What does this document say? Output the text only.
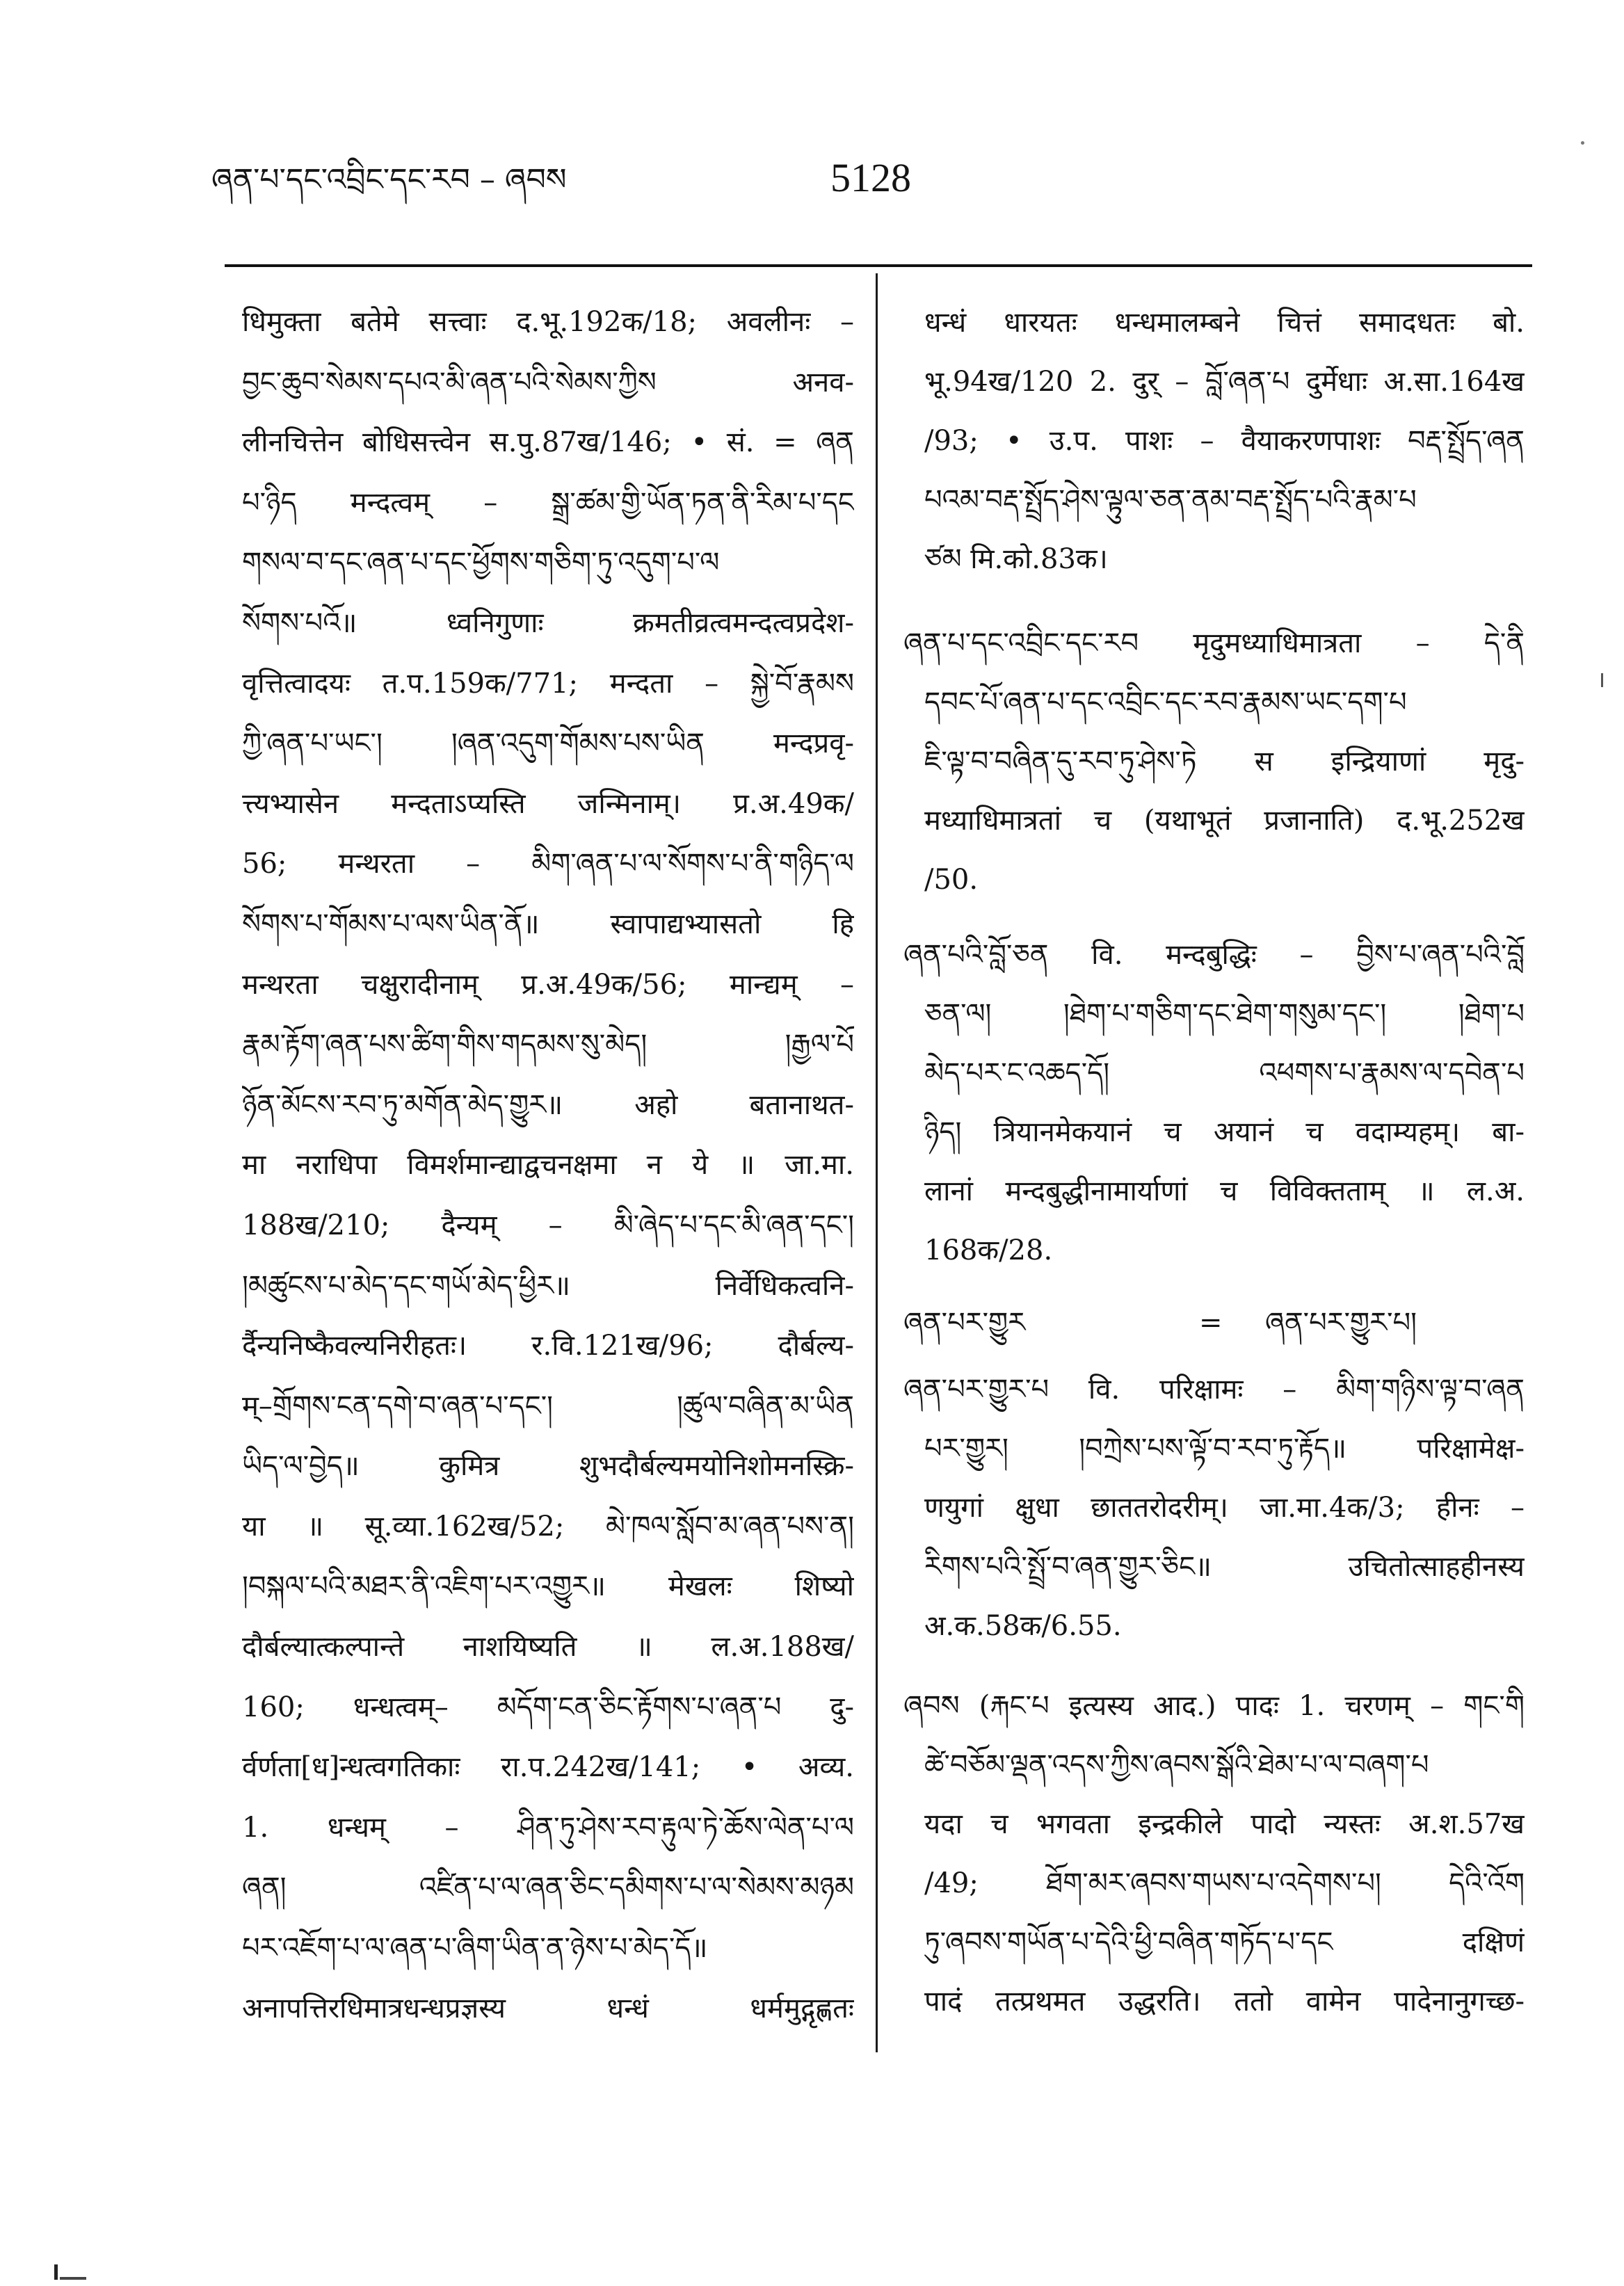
ཞན་པ་དང་འབྲིང་དང་རབ – ཞབས	5128
धिमुक्ता बतेमे सत्त्वाः द.भू.192क/18; अवलीनः –
བྱང་ཆུབ་སེམས་དཔའ་མི་ཞན་པའི་སེམས་ཀྱིས अनव-
लीनचित्तेन बोधिसत्त्वेन स.पु.87ख/146; • सं. = ཞན
པ་ཉིད मन्दत्वम् – སྒྲ་ཚམ་གྱི་ཡོན་ཏན་ནི་རིམ་པ་དང
གསལ་བ་དང་ཞན་པ་དང་ཕྱོགས་གཅིག་ཏུ་འདུག་པ་ལ
སོགས་པའོ॥ ध्वनिगुणाः क्रमतीव्रत्वमन्दत्वप्रदेश-
वृत्तित्वादयः त.प.159क/771; मन्दता – སྐྱེ་བོ་རྣམས
ཀྱི་ཞན་པ་ཡང་། །ཞན་འདུག་གོམས་པས་ཡིན मन्दप्रवृ-
त्त्यभ्यासेन मन्दताऽप्यस्ति जन्मिनाम्। प्र.अ.49क/
56; मन्थरता – མིག་ཞན་པ་ལ་སོགས་པ་ནི་གཉིད་ལ
སོགས་པ་གོམས་པ་ལས་ཡིན་ནོ॥ स्वापाद्यभ्यासतो हि
मन्थरता चक्षुरादीनाम् प्र.अ.49क/56; मान्द्यम् –
རྣམ་རྟོག་ཞན་པས་ཚིག་གིས་གདམས་སུ་མེད། །རྒྱལ་པོ
ཉོན་མོངས་རབ་ཏུ་མགོན་མེད་གྱུར॥ अहो बतानाथत-
मा नराधिपा विमर्शमान्द्याद्वचनक्षमा न ये ॥ जा.मा.
188ख/210; दैन्यम् – མི་ཞེད་པ་དང་མི་ཞན་དང་།
།མཚུངས་པ་མེད་དང་གཡོ་མེད་ཕྱིར॥ निर्वेधिकत्वनि-
र्दैन्यनिष्कैवल्यनिरीहतः। र.वि.121ख/96; दौर्बल्य-
म्–གྲོགས་ངན་དགེ་བ་ཞན་པ་དང་། །ཚུལ་བཞིན་མ་ཡིན
ཡིད་ལ་བྱེད॥ कुमित्र शुभदौर्बल्यमयोनिशोमनस्क्रि-
या ॥ सू.व्या.162ख/52; མེ་ཁལ་སློབ་མ་ཞན་པས་ན།
།བསྐལ་པའི་མཐར་ནི་འཇིག་པར་འགྱུར॥ मेखलः शिष्यो
दौर्बल्यात्कल्पान्ते नाशयिष्यति ॥ ल.अ.188ख/
160; धन्धत्वम्– མདོག་ངན་ཅིང་རྟོགས་པ་ཞན་པ दु-
र्वर्णता[ध]न्धत्वगतिकाः रा.प.242ख/141; • अव्य.
1. धन्धम् – ཤིན་ཏུ་ཤེས་རབ་རྟུལ་ཏེ་ཆོས་ལེན་པ་ལ
ཞན། འཛིན་པ་ལ་ཞན་ཅིང་དམིགས་པ་ལ་སེམས་མཉམ
པར་འཇོག་པ་ལ་ཞན་པ་ཞིག་ཡིན་ན་ཉེས་པ་མེད་དོ॥
अनापत्तिरधिमात्रधन्धप्रज्ञस्य धन्धं धर्ममुद्गृह्णतः
धन्धं धारयतः धन्धमालम्बने चित्तं समादधतः बो.
भू.94ख/120 2. दुर् – བློ་ཞན་པ दुर्मेधाः अ.सा.164ख
/93; • उ.प. पाशः – वैयाकरणपाशः བརྡ་སྤྲོད་ཞན
པའམ་བརྡ་སྤྲོད་ཤེས་ལྟུལ་ཅན་ནམ་བརྡ་སྤྲོད་པའི་རྣམ་པ
ཙམ मि.को.83क।
ཞན་པ་དང་འབྲིང་དང་རབ मृदुमध्याधिमात्रता – དེ་ནི
དབང་པོ་ཞན་པ་དང་འབྲིང་དང་རབ་རྣམས་ཡང་དག་པ
ཇི་ལྟ་བ་བཞིན་དུ་རབ་ཏུ་ཤེས་ཏེ स इन्द्रियाणां मृदु-
मध्याधिमात्रतां च (यथाभूतं प्रजानाति) द.भू.252ख
/50.
ཞན་པའི་བློ་ཅན वि. मन्दबुद्धिः – བྱིས་པ་ཞན་པའི་བློ
ཅན་ལ། །ཐེག་པ་གཅིག་དང་ཐེག་གསུམ་དང་། །ཐེག་པ
མེད་པར་ང་འཆད་དོ། འཕགས་པ་རྣམས་ལ་དབེན་པ
ཉིད། त्रियानमेकयानं च अयानं च वदाम्यहम्। बा-
लानां मन्दबुद्धीनामार्याणां च विविक्तताम् ॥ ल.अ.
168क/28.
ཞན་པར་གྱུར	= ཞན་པར་གྱུར་པ།
ཞན་པར་གྱུར་པ वि. परिक्षामः – མིག་གཉིས་ལྟ་བ་ཞན
པར་གྱུར། །བཀྲེས་པས་ལྟོ་བ་རབ་ཏུ་རྟོད॥ परिक्षामेक्ष-
णयुगां क्षुधा छाततरोदरीम्। जा.मा.4क/3; हीनः –
རིགས་པའི་སྤྲོ་བ་ཞན་གྱུར་ཅིང॥ उचितोत्साहहीनस्य
अ.क.58क/6.55.
ཞབས (རྐང་པ इत्यस्य आद.) पादः 1. चरणम् – གང་གི
ཚེ་བཅོམ་ལྡན་འདས་ཀྱིས་ཞབས་སྒོའི་ཐེམ་པ་ལ་བཞག་པ
यदा च भगवता इन्द्रकीले पादो न्यस्तः अ.श.57ख
/49; ཐོག་མར་ཞབས་གཡས་པ་འདེགས་པ། དེའི་འོག
ཏུ་ཞབས་གཡོན་པ་དེའི་ཕྱི་བཞིན་གཏོད་པ་དང दक्षिणं
पादं तत्प्रथमत उद्धरति। ततो वामेन पादेनानुगच्छ-
